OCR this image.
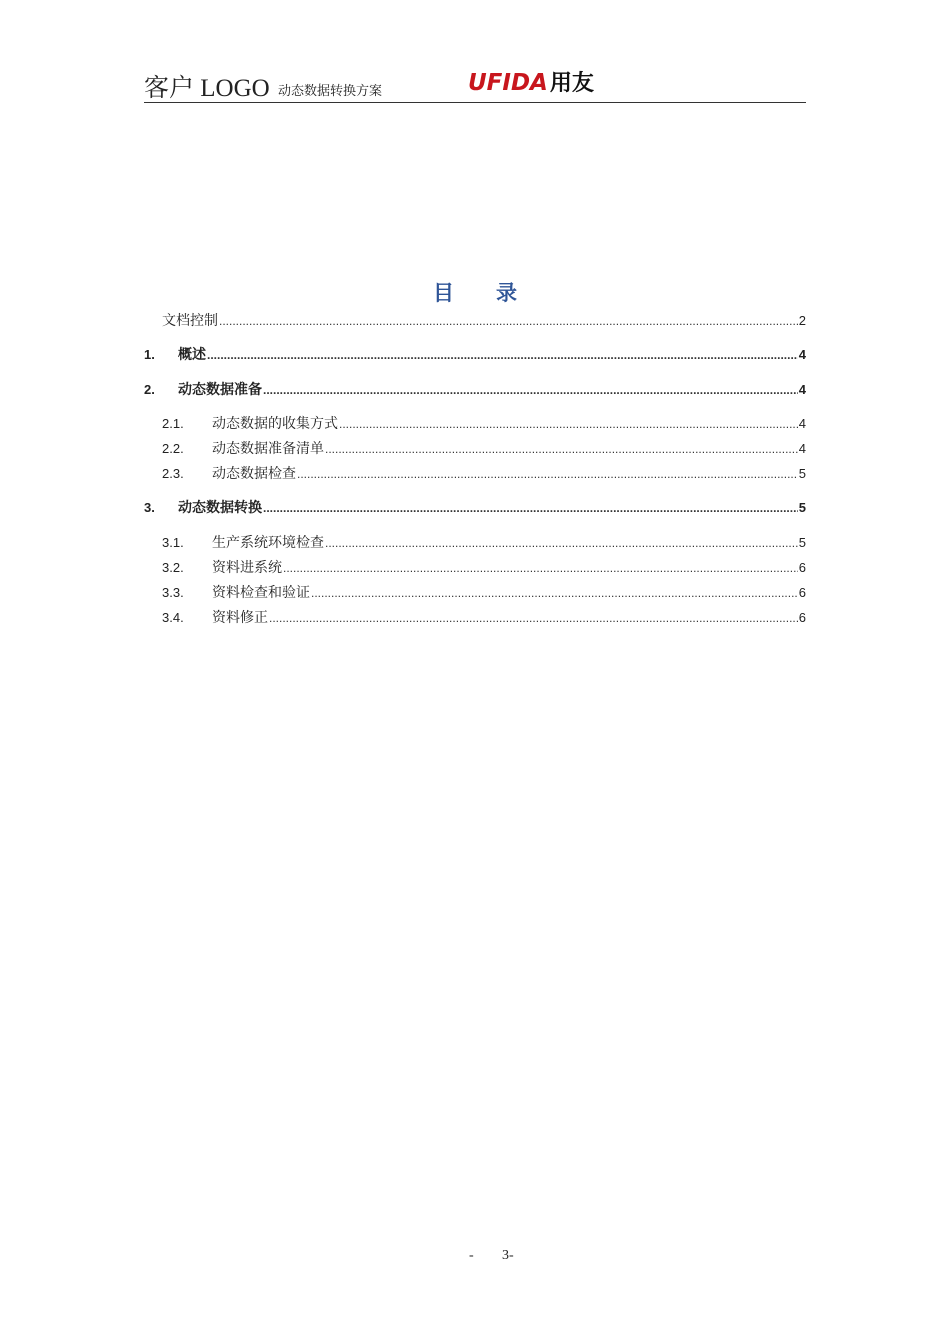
客户 LOGO 动态数据转换方案	UFIDA用友
目 录
文档控制 .....	2
1.	概述 .....	4
2.	动态数据准备 .....	4
2.1.	动态数据的收集方式 .....	4
2.2.	动态数据准备清单 .....	4
2.3.	动态数据检查 .....	5
3.	动态数据转换 .....	5
3.1.	生产系统环境检查 .....	5
3.2.	资料进系统 .....	6
3.3.	资料检查和验证 .....	6
3.4.	资料修正 .....	6
- 3-
